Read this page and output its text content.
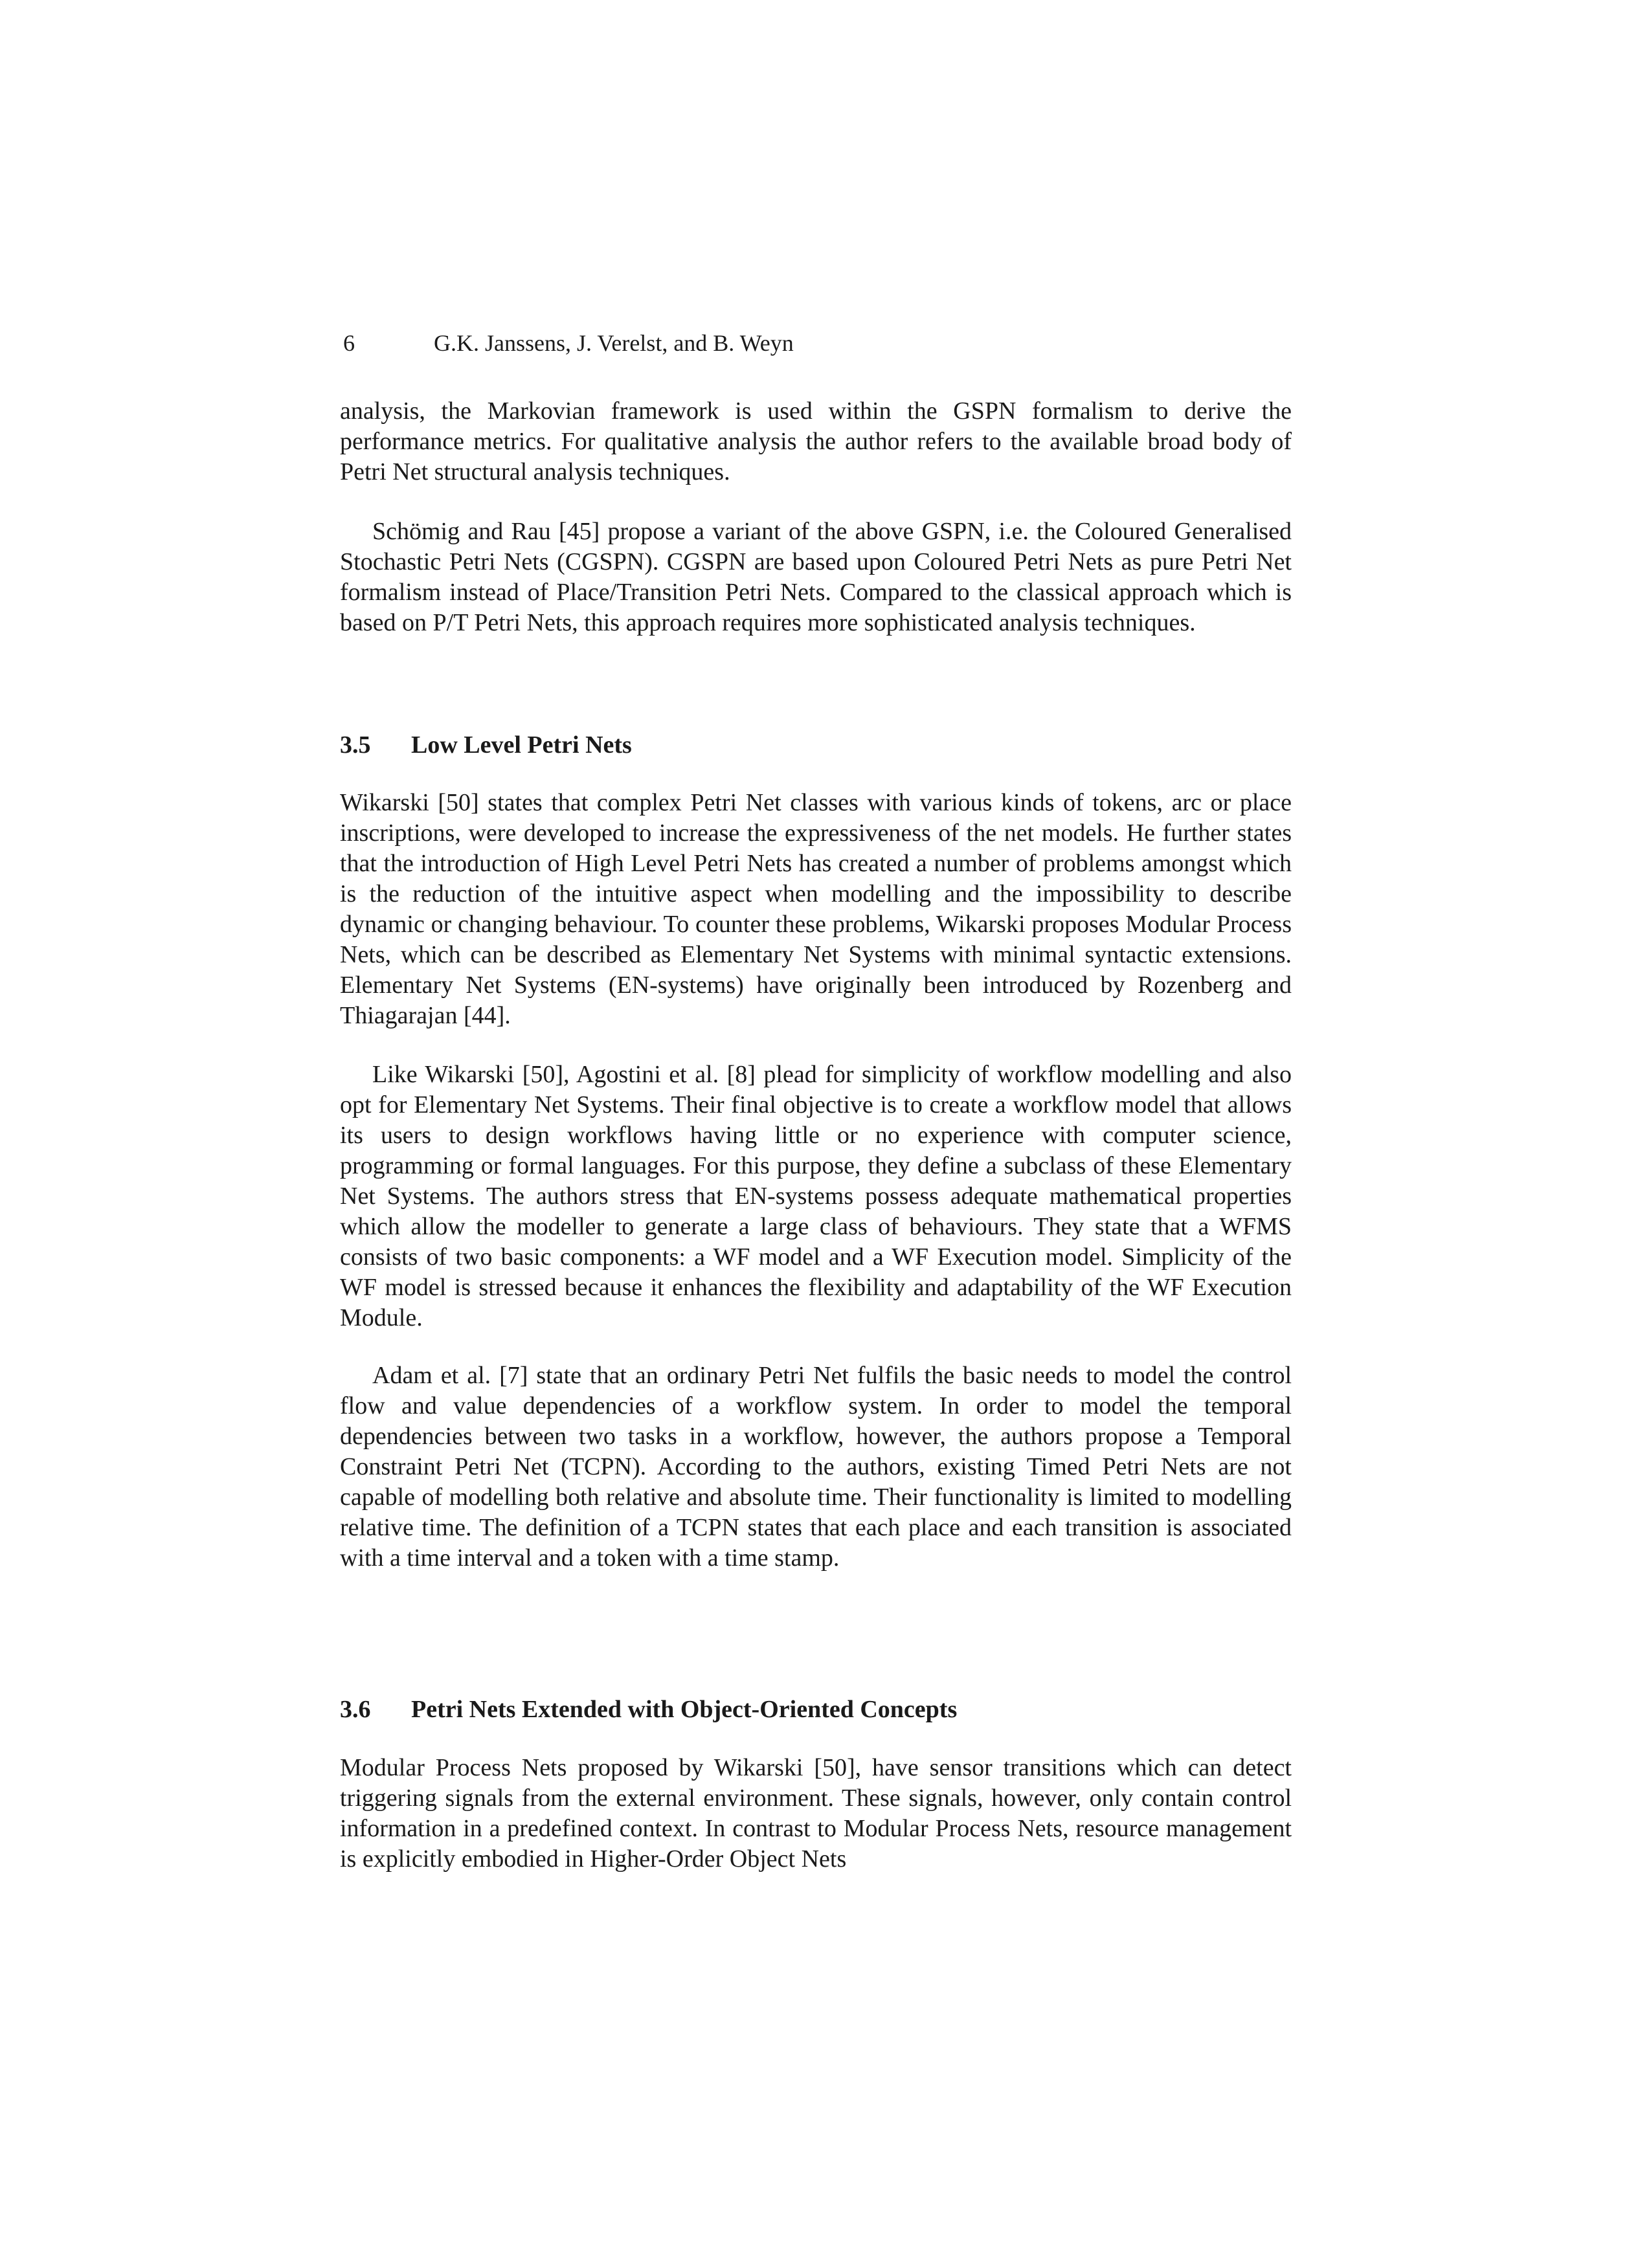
6	G.K. Janssens, J. Verelst, and B. Weyn

analysis, the Markovian framework is used within the GSPN formalism to derive the performance metrics. For qualitative analysis the author refers to the available broad body of Petri Net structural analysis techniques.

Schömig and Rau [45] propose a variant of the above GSPN, i.e. the Coloured Generalised Stochastic Petri Nets (CGSPN). CGSPN are based upon Coloured Petri Nets as pure Petri Net formalism instead of Place/Transition Petri Nets. Compared to the classical approach which is based on P/T Petri Nets, this approach requires more sophisticated analysis techniques.

3.5 Low Level Petri Nets

Wikarski [50] states that complex Petri Net classes with various kinds of tokens, arc or place inscriptions, were developed to increase the expressiveness of the net models. He further states that the introduction of High Level Petri Nets has created a number of problems amongst which is the reduction of the intuitive aspect when modelling and the impossibility to describe dynamic or changing behaviour. To counter these problems, Wikarski proposes Modular Process Nets, which can be described as Elementary Net Systems with minimal syntactic extensions. Elementary Net Systems (EN-systems) have originally been introduced by Rozenberg and Thiagarajan [44].

Like Wikarski [50], Agostini et al. [8] plead for simplicity of workflow modelling and also opt for Elementary Net Systems. Their final objective is to create a workflow model that allows its users to design workflows having little or no experience with computer science, programming or formal languages. For this purpose, they define a subclass of these Elementary Net Systems. The authors stress that EN-systems possess adequate mathematical properties which allow the modeller to generate a large class of behaviours. They state that a WFMS consists of two basic components: a WF model and a WF Execution model. Simplicity of the WF model is stressed because it enhances the flexibility and adaptability of the WF Execution Module.

Adam et al. [7] state that an ordinary Petri Net fulfils the basic needs to model the control flow and value dependencies of a workflow system. In order to model the temporal dependencies between two tasks in a workflow, however, the authors propose a Temporal Constraint Petri Net (TCPN). According to the authors, existing Timed Petri Nets are not capable of modelling both relative and absolute time. Their functionality is limited to modelling relative time. The definition of a TCPN states that each place and each transition is associated with a time interval and a token with a time stamp.

3.6 Petri Nets Extended with Object-Oriented Concepts

Modular Process Nets proposed by Wikarski [50], have sensor transitions which can detect triggering signals from the external environment. These signals, however, only contain control information in a predefined context. In contrast to Modular Process Nets, resource management is explicitly embodied in Higher-Order Object Nets
